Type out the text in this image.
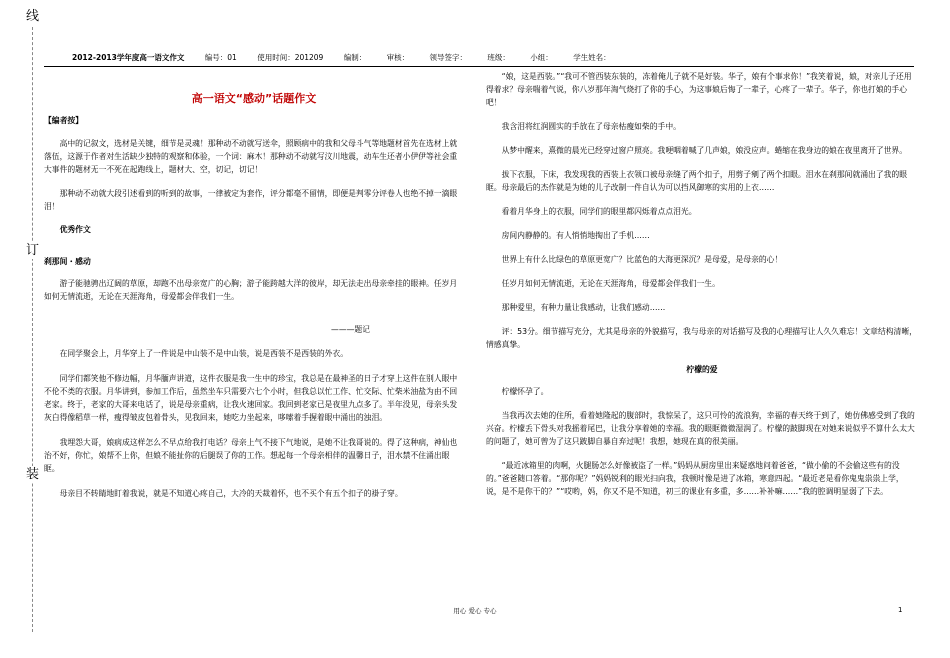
线
订
装
2012-2013学年度高一语文作文	编号：01	使用时间：201209	编制：	审核：	领导签字：	班级：	小组：	学生姓名：

高一语文“感动”话题作文

【编者按】

高中的记叙文，选材是关键，细节是灵魂！那种动不动就写送伞，照顾病中的我和父母斗气等地题材首先在选材上就落伍，这源于作者对生活缺少独特的观察和体验，一个词：麻木！那种动不动就写汶川地震，动车生还者小伊伊等社会重大事件的题材无一不死在起跑线上，题材大、空，切记，切记！

那种动不动就大段引述看到的听到的故事，一律被定为套作，评分都毫不留情，即便是判零分评卷人也绝不掉一滴眼泪！

优秀作文

刹那间・感动

游子能驰骋出辽阔的草原，却跑不出母亲宽广的心胸；游子能跨越大洋的彼岸，却无法走出母亲牵挂的眼神。任岁月如何无情流逝，无论在天涯海角，母爱都会伴我们一生。

———题记

在同学聚会上，月华穿上了一件说是中山装不是中山装，说是西装不是西装的外衣。

同学们都笑他不修边幅，月华腼声讲道，这件衣服是我一生中的珍宝，我总是在最神圣的日子才穿上这件在别人眼中不伦不类的衣服。月华讲到，参加工作后，虽然坐车只需要六七个小时，但我总以忙工作、忙交际、忙柴米油盐为由不回老家。终于，老家的大哥来电话了，说是母亲重病，让我火速回家。我回到老家已是夜里九点多了。半年没见，母亲头发灰白得像稻草一样，瘦得皱皮包着骨头，见我回来，她吃力坐起来，哆嗦着手握着眼中涌出的浊泪。

我埋怨大哥，娘病成这样怎么不早点给我打电话？母亲上气不接下气地说，是她不让我哥说的。得了这种病，神仙也治不好，你忙，娘帮不上你，但娘不能扯你的后腿误了你的工作。想起每一个母亲相伴的温馨日子，泪水禁不住涌出眼眶。

母亲目不转睛地盯着我说，就是不知道心疼自己，大冷的天裁着怀，也不买个有五个扣子的褂子穿。

“娘，这是西装。”“我可不管西装东装的，冻着俺儿子就不是好装。华子，娘有个事求你！”我笑着说，娘，对亲儿子还用得着求？母亲喘着气说，你八岁那年淘气烧打了你的手心，为这事娘后悔了一辈子，心疼了一辈子。华子，你也打娘的手心吧！

我含泪将红润圆实的手放在了母亲枯瘦如柴的手中。

从梦中醒来，熹微的晨光已经穿过窗户照亮。我哽咽着喊了几声娘，娘没应声。蜷缩在我身边的娘在夜里离开了世界。

拔下衣服，下床，我发现我的西装上衣领口被母亲缝了两个扣子，用剪子剜了两个扣眼。泪水在刹那间就涌出了我的眼眶。母亲最后的杰作就是为她的儿子改制一件自认为可以挡风御寒的实用的上衣……

看着月华身上的衣服，同学们的眼里都闪烁着点点泪光。

房间内静静的。有人悄悄地掏出了手机……

世界上有什么比绿色的草原更宽广？比蓝色的大海更深沉？是母爱，是母亲的心！

任岁月如何无情流逝，无论在天涯海角，母爱都会伴我们一生。

那种爱里，有种力量让我感动，让我们感动……

评：53分。细节描写充分，尤其是母亲的外貌描写，我与母亲的对话描写及我的心理描写让人久久难忘！文章结构清晰，情感真挚。

柠檬的爱

柠檬怀孕了。

当我再次去她的住所，看着她隆起的腹部时，我惊呆了，这只可怜的流浪狗，幸福的春天终于到了，她仿佛感受到了我的兴奋。柠檬丢下骨头对我摇着尾巴，让我分享着她的幸福。我的眼眶微微湿润了。柠檬的跛脚现在对她来说似乎不算什么太大的问题了，她可曾为了这只跛脚自暴自弃过呢！我想，她现在真的很美丽。

“最近冰箱里的肉啊，火腿肠怎么好像被盗了一样。”妈妈从厨房里出来疑惑地问着爸爸，“做小偷的不会偷这些有的没的。”爸爸随口答着。“那你呢？”妈妈锐利的眼光扫向我，我顿时像是进了冰箱，寒意四起。“最近老是看你鬼鬼祟祟上学，说，是不是你干的？”“哎哟，妈，你又不是不知道，初三的课业有多重，多……补补嘛……”我的腔调明显弱了下去。

用心 爱心 专心	1
